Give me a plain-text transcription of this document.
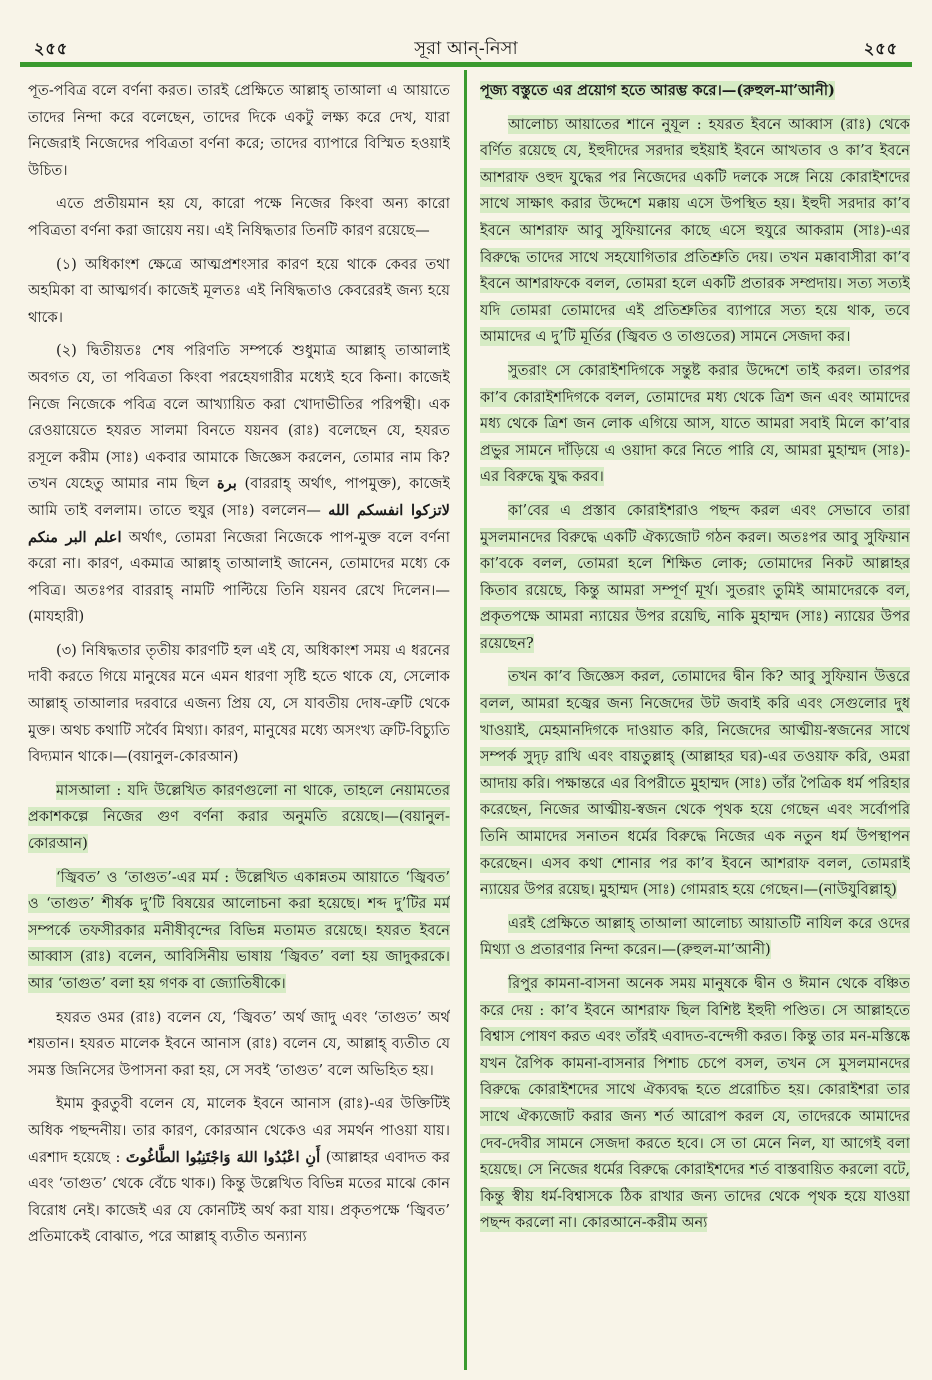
২৫৫	সূরা আন্‌-নিসা	২৫৫

পূত-পবিত্র বলে বর্ণনা করত। তারই প্রেক্ষিতে আল্লাহ্ তাআলা এ আয়াতে তাদের নিন্দা করে বলেছেন, তাদের দিকে একটু লক্ষ্য করে দেখ, যারা নিজেরাই নিজেদের পবিত্রতা বর্ণনা করে; তাদের ব্যাপারে বিস্মিত হওয়াই উচিত।

এতে প্রতীয়মান হয় যে, কারো পক্ষে নিজের কিংবা অন্য কারো পবিত্রতা বর্ণনা করা জায়েয নয়। এই নিষিদ্ধতার তিনটি কারণ রয়েছে—

(১) অধিকাংশ ক্ষেত্রে আত্মপ্রশংসার কারণ হয়ে থাকে কেবর তথা অহমিকা বা আত্মগর্ব। কাজেই মূলতঃ এই নিষিদ্ধতাও কেবরেরই জন্য হয়ে থাকে।

(২) দ্বিতীয়তঃ শেষ পরিণতি সম্পর্কে শুধুমাত্র আল্লাহ্ তাআলাই অবগত যে, তা পবিত্রতা কিংবা পরহেযগারীর মধ্যেই হবে কিনা। কাজেই নিজে নিজেকে পবিত্র বলে আখ্যায়িত করা খোদাভীতির পরিপন্থী। এক রেওয়ায়েতে হযরত সালমা বিনতে যয়নব (রাঃ) বলেছেন যে, হযরত রসূলে করীম (সাঃ) একবার আমাকে জিজ্ঞেস করলেন, তোমার নাম কি? তখন যেহেতু আমার নাম ছিল برة (বাররাহ্ অর্থাৎ, পাপমুক্ত), কাজেই আমি তাই বললাম। তাতে হুযুর (সাঃ) বললেন— لاتزكوا انفسكم الله اعلم البر منكم অর্থাৎ, তোমরা নিজেরা নিজেকে পাপ-মুক্ত বলে বর্ণনা করো না। কারণ, একমাত্র আল্লাহ্ তাআলাই জানেন, তোমাদের মধ্যে কে পবিত্র। অতঃপর বাররাহ্ নামটি পাল্টিয়ে তিনি যয়নব রেখে দিলেন।—(মাযহারী)

(৩) নিষিদ্ধতার তৃতীয় কারণটি হল এই যে, অধিকাংশ সময় এ ধরনের দাবী করতে গিয়ে মানুষের মনে এমন ধারণা সৃষ্টি হতে থাকে যে, সেলোক আল্লাহ্ তাআলার দরবারে এজন্য প্রিয় যে, সে যাবতীয় দোষ-ত্রুটি থেকে মুক্ত। অথচ কথাটি সর্বৈব মিথ্যা। কারণ, মানুষের মধ্যে অসংখ্য ত্রুটি-বিচ্যুতি বিদ্যমান থাকে।—(বয়ানুল-কোরআন)

মাসআলা : যদি উল্লেখিত কারণগুলো না থাকে, তাহলে নেয়ামতের প্রকাশকল্পে নিজের গুণ বর্ণনা করার অনুমতি রয়েছে।—(বয়ানুল-কোরআন)

‘জ্বিবত’ ও ‘তাগুত’-এর মর্ম : উল্লেখিত একান্নতম আয়াতে ‘জ্বিবত’ ও ‘তাগুত’ শীর্ষক দু’টি বিষয়ের আলোচনা করা হয়েছে। শব্দ দু’টির মর্ম সম্পর্কে তফসীরকার মনীষীবৃন্দের বিভিন্ন মতামত রয়েছে। হযরত ইবনে আব্বাস (রাঃ) বলেন, আবিসিনীয় ভাষায় ‘জ্বিবত’ বলা হয় জাদুকরকে। আর ‘তাগুত’ বলা হয় গণক বা জ্যোতিষীকে।

হযরত ওমর (রাঃ) বলেন যে, ‘জ্বিবত’ অর্থ জাদু এবং ‘তাগুত’ অর্থ শয়তান। হযরত মালেক ইবনে আনাস (রাঃ) বলেন যে, আল্লাহ্ ব্যতীত যে সমস্ত জিনিসের উপাসনা করা হয়, সে সবই ‘তাগুত’ বলে অভিহিত হয়।

ইমাম কুরতুবী বলেন যে, মালেক ইবনে আনাস (রাঃ)-এর উক্তিটিই অধিক পছন্দনীয়। তার কারণ, কোরআন থেকেও এর সমর্থন পাওয়া যায়। এরশাদ হয়েছে : أَنِ اعْبُدُوا اللهَ وَاجْتَنِبُوا الطَّاغُوتَ (আল্লাহর এবাদত কর এবং ‘তাগুত’ থেকে বেঁচে থাক।) কিন্তু উল্লেখিত বিভিন্ন মতের মাঝে কোন বিরোধ নেই। কাজেই এর যে কোনটিই অর্থ করা যায়। প্রকৃতপক্ষে ‘জ্বিবত’ প্রতিমাকেই বোঝাত, পরে আল্লাহ্ ব্যতীত অন্যান্য

পূজ্য বস্তুতে এর প্রয়োগ হতে আরম্ভ করে।—(রুহুল-মা’আনী)

আলোচ্য আয়াতের শানে নুযূল : হযরত ইবনে আব্বাস (রাঃ) থেকে বর্ণিত রয়েছে যে, ইহুদীদের সরদার হুইয়াই ইবনে আখতাব ও কা’ব ইবনে আশরাফ ওহুদ যুদ্ধের পর নিজেদের একটি দলকে সঙ্গে নিয়ে কোরাইশদের সাথে সাক্ষাৎ করার উদ্দেশে মক্কায় এসে উপস্থিত হয়। ইহুদী সরদার কা’ব ইবনে আশরাফ আবু সুফিয়ানের কাছে এসে হুযুরে আকরাম (সাঃ)-এর বিরুদ্ধে তাদের সাথে সহযোগিতার প্রতিশ্রুতি দেয়। তখন মক্কাবাসীরা কা’ব ইবনে আশরাফকে বলল, তোমরা হলে একটি প্রতারক সম্প্রদায়। সত্য সত্যই যদি তোমরা তোমাদের এই প্রতিশ্রুতির ব্যাপারে সত্য হয়ে থাক, তবে আমাদের এ দু’টি মূর্তির (জ্বিবত ও তাগুতের) সামনে সেজদা কর।

সুতরাং সে কোরাইশদিগকে সন্তুষ্ট করার উদ্দেশে তাই করল। তারপর কা’ব কোরাইশদিগকে বলল, তোমাদের মধ্য থেকে ত্রিশ জন এবং আমাদের মধ্য থেকে ত্রিশ জন লোক এগিয়ে আস, যাতে আমরা সবাই মিলে কা’বার প্রভুর সামনে দাঁড়িয়ে এ ওয়াদা করে নিতে পারি যে, আমরা মুহাম্মদ (সাঃ)-এর বিরুদ্ধে যুদ্ধ করব।

কা’বের এ প্রস্তাব কোরাইশরাও পছন্দ করল এবং সেভাবে তারা মুসলমানদের বিরুদ্ধে একটি ঐক্যজোট গঠন করল। অতঃপর আবু সুফিয়ান কা’বকে বলল, তোমরা হলে শিক্ষিত লোক; তোমাদের নিকট আল্লাহর কিতাব রয়েছে, কিন্তু আমরা সম্পূর্ণ মূর্খ। সুতরাং তুমিই আমাদেরকে বল, প্রকৃতপক্ষে আমরা ন্যায়ের উপর রয়েছি, নাকি মুহাম্মদ (সাঃ) ন্যায়ের উপর রয়েছেন?

তখন কা’ব জিজ্ঞেস করল, তোমাদের দ্বীন কি? আবু সুফিয়ান উত্তরে বলল, আমরা হজ্বের জন্য নিজেদের উট জবাই করি এবং সেগুলোর দুধ খাওয়াই, মেহমানদিগকে দাওয়াত করি, নিজেদের আত্মীয়-স্বজনের সাথে সম্পর্ক সুদৃঢ় রাখি এবং বায়তুল্লাহ্ (আল্লাহর ঘর)-এর তওয়াফ করি, ওমরা আদায় করি। পক্ষান্তরে এর বিপরীতে মুহাম্মদ (সাঃ) তাঁর পৈত্রিক ধর্ম পরিহার করেছেন, নিজের আত্মীয়-স্বজন থেকে পৃথক হয়ে গেছেন এবং সর্বোপরি তিনি আমাদের সনাতন ধর্মের বিরুদ্ধে নিজের এক নতুন ধর্ম উপস্থাপন করেছেন। এসব কথা শোনার পর কা’ব ইবনে আশরাফ বলল, তোমরাই ন্যায়ের উপর রয়েছ। মুহাম্মদ (সাঃ) গোমরাহ হয়ে গেছেন।—(নাউযুবিল্লাহ্)

এরই প্রেক্ষিতে আল্লাহ্ তাআলা আলোচ্য আয়াতটি নাযিল করে ওদের মিথ্যা ও প্রতারণার নিন্দা করেন।—(রুহুল-মা’আনী)

রিপুর কামনা-বাসনা অনেক সময় মানুষকে দ্বীন ও ঈমান থেকে বঞ্চিত করে দেয় : কা’ব ইবনে আশরাফ ছিল বিশিষ্ট ইহুদী পণ্ডিত। সে আল্লাহতে বিশ্বাস পোষণ করত এবং তাঁরই এবাদত-বন্দেগী করত। কিন্তু তার মন-মস্তিষ্কে যখন রৈপিক কামনা-বাসনার পিশাচ চেপে বসল, তখন সে মুসলমানদের বিরুদ্ধে কোরাইশদের সাথে ঐক্যবদ্ধ হতে প্ররোচিত হয়। কোরাইশরা তার সাথে ঐক্যজোট করার জন্য শর্ত আরোপ করল যে, তাদেরকে আমাদের দেব-দেবীর সামনে সেজদা করতে হবে। সে তা মেনে নিল, যা আগেই বলা হয়েছে। সে নিজের ধর্মের বিরুদ্ধে কোরাইশদের শর্ত বাস্তবায়িত করলো বটে, কিন্তু স্বীয় ধর্ম-বিশ্বাসকে ঠিক রাখার জন্য তাদের থেকে পৃথক হয়ে যাওয়া পছন্দ করলো না। কোরআনে-করীম অন্য
